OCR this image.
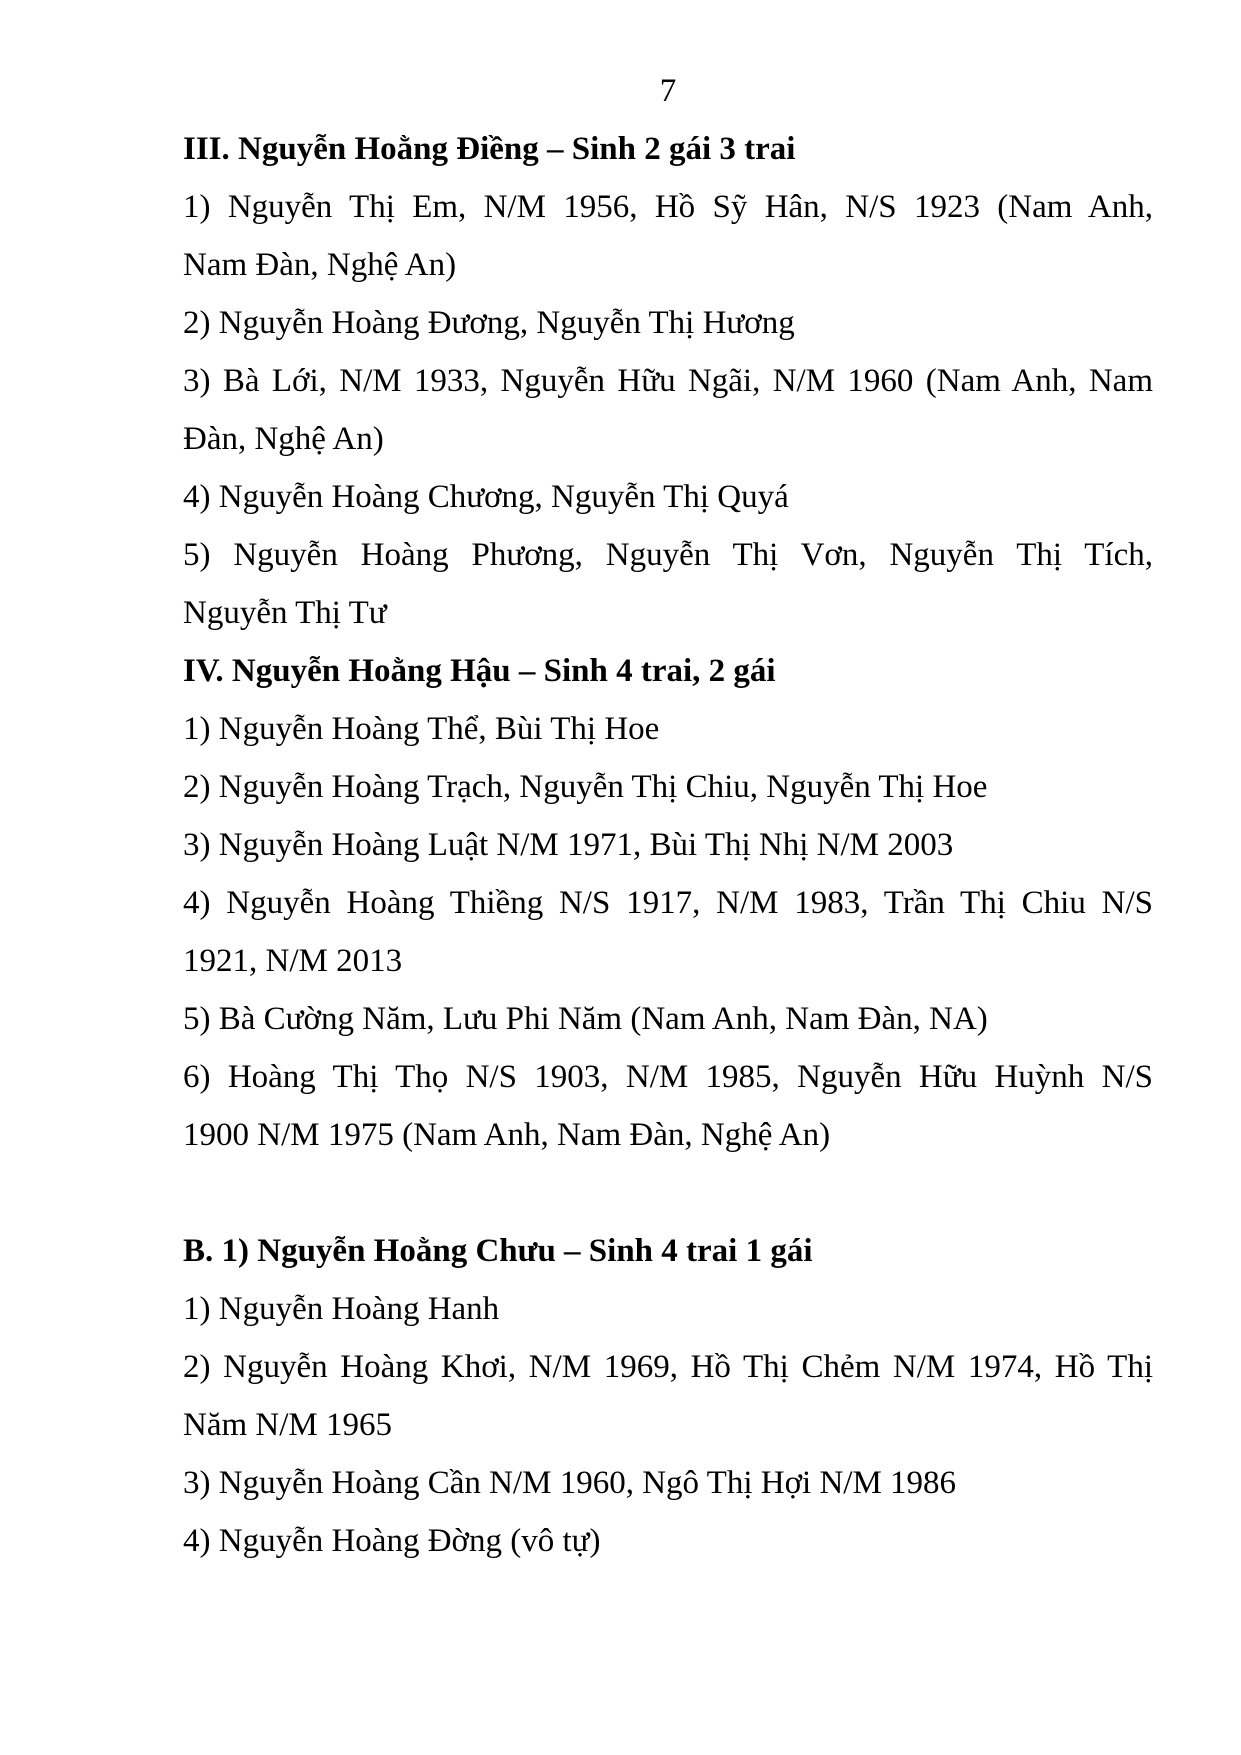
7
III. Nguyễn Hoằng Điềng – Sinh 2 gái 3 trai
1) Nguyễn Thị Em, N/M 1956, Hồ Sỹ Hân, N/S 1923 (Nam Anh,
Nam Đàn, Nghệ An)
2) Nguyễn Hoàng Đương, Nguyễn Thị Hương
3) Bà Lới, N/M 1933, Nguyễn Hữu Ngãi, N/M 1960 (Nam Anh, Nam
Đàn, Nghệ An)
4) Nguyễn Hoàng Chương, Nguyễn Thị Quyá
5) Nguyễn Hoàng Phương, Nguyễn Thị Vơn, Nguyễn Thị Tích,
Nguyễn Thị Tư
IV. Nguyễn Hoằng Hậu – Sinh 4 trai, 2 gái
1) Nguyễn Hoàng Thể, Bùi Thị Hoe
2) Nguyễn Hoàng Trạch, Nguyễn Thị Chiu, Nguyễn Thị Hoe
3) Nguyễn Hoàng Luật N/M 1971, Bùi Thị Nhị N/M 2003
4) Nguyễn Hoàng Thiềng N/S 1917, N/M 1983, Trần Thị Chiu N/S
1921, N/M 2013
5) Bà Cường Năm, Lưu Phi Năm (Nam Anh, Nam Đàn, NA)
6) Hoàng Thị Thọ N/S 1903, N/M 1985, Nguyễn Hữu Huỳnh N/S
1900 N/M 1975 (Nam Anh, Nam Đàn, Nghệ An)
B. 1) Nguyễn Hoằng Chưu – Sinh 4 trai 1 gái
1) Nguyễn Hoàng Hanh
2) Nguyễn Hoàng Khơi, N/M 1969, Hồ Thị Chẻm N/M 1974, Hồ Thị
Năm N/M 1965
3) Nguyễn Hoàng Cần N/M 1960, Ngô Thị Hợi N/M 1986
4) Nguyễn Hoàng Đờng (vô tự)
